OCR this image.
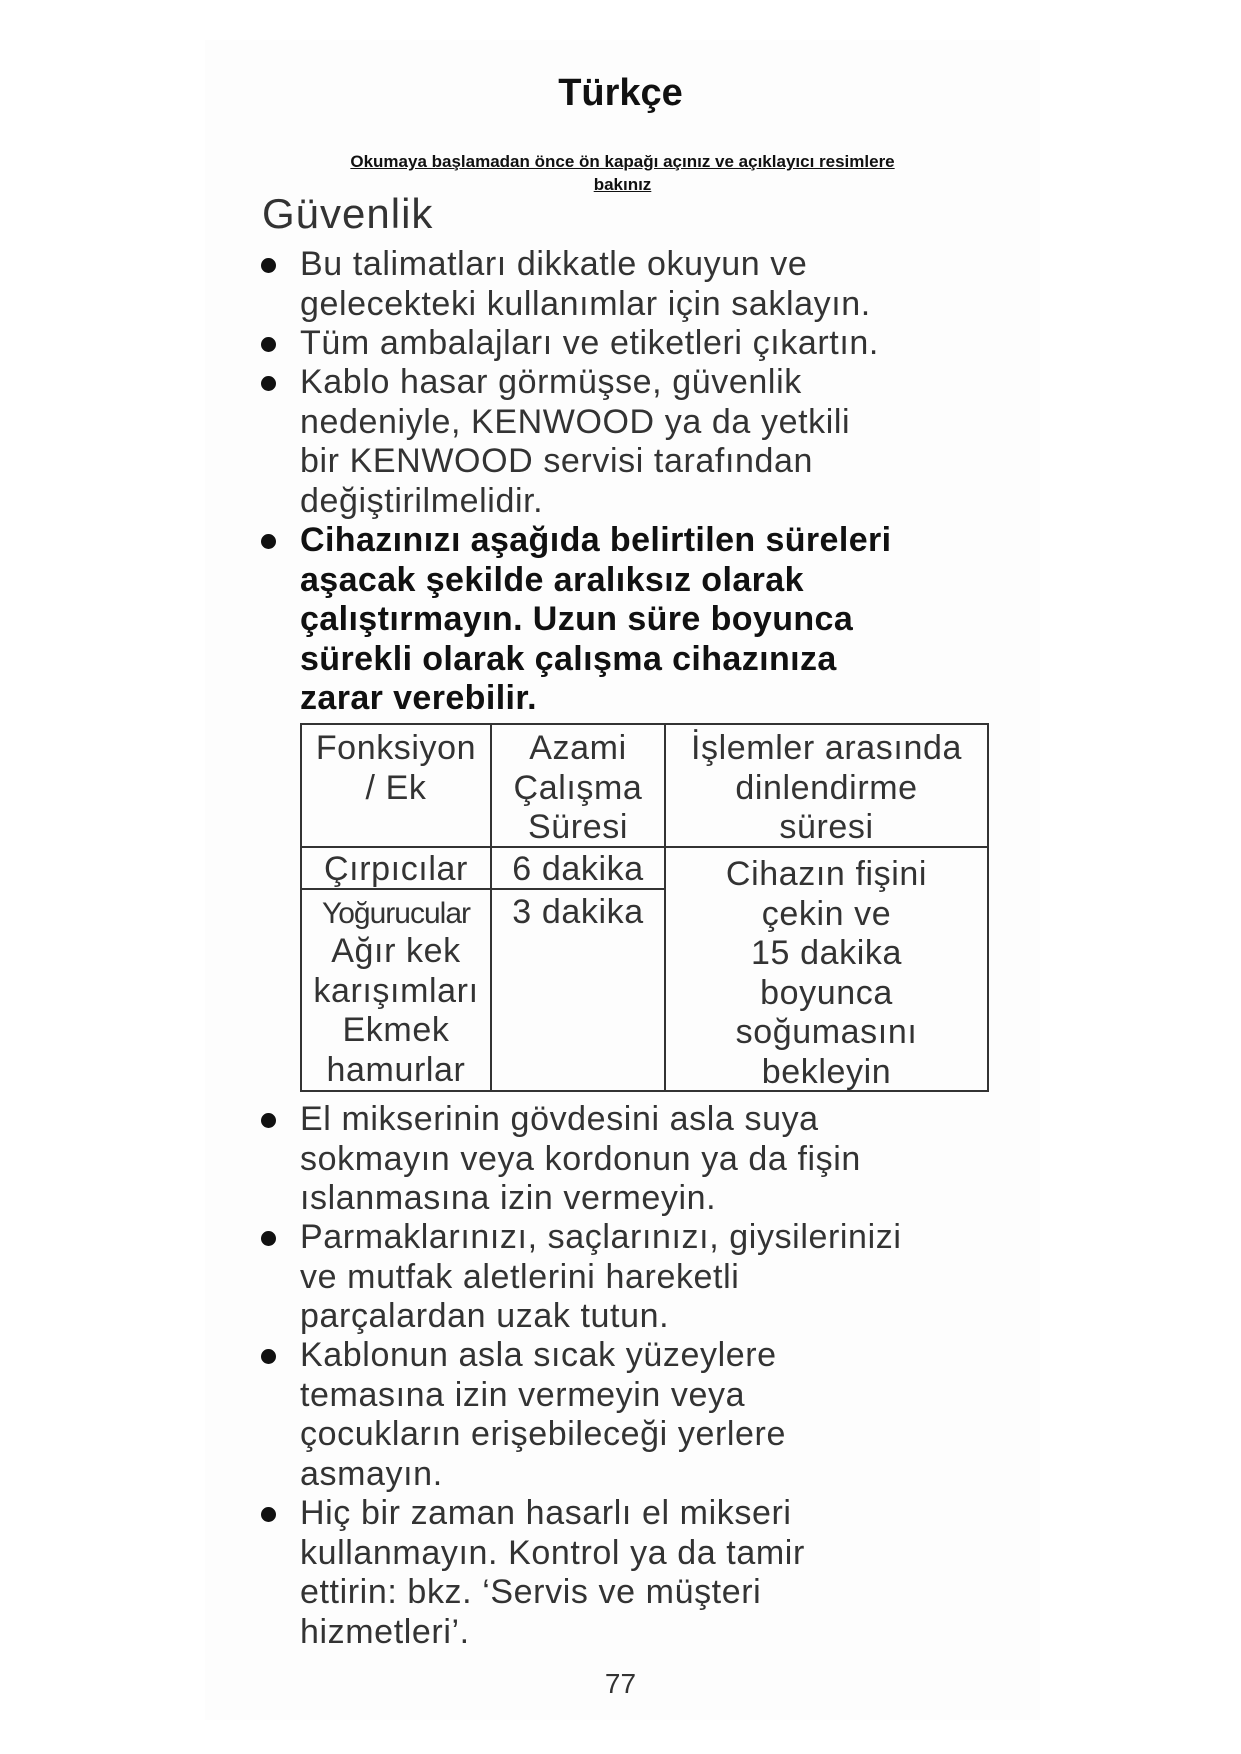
Türkçe
Okumaya başlamadan önce ön kapağı açınız ve açıklayıcı resimlere
bakınız
Güvenlik
Bu talimatları dikkatle okuyun ve
gelecekteki kullanımlar için saklayın.
Tüm ambalajları ve etiketleri çıkartın.
Kablo hasar görmüşse, güvenlik
nedeniyle, KENWOOD ya da yetkili
bir KENWOOD servisi tarafından
değiştirilmelidir.
Cihazınızı aşağıda belirtilen süreleri
aşacak şekilde aralıksız olarak
çalıştırmayın. Uzun süre boyunca
sürekli olarak çalışma cihazınıza
zarar verebilir.
Fonksiyon
/ Ek
Azami
Çalışma
Süresi
İşlemler arasında
dinlendirme
süresi
Çırpıcılar	6 dakika
Yoğurucular
Ağır kek
karışımları
Ekmek
hamurlar
3 dakika
Cihazın fişini
çekin ve
15 dakika
boyunca
soğumasını
bekleyin
El mikserinin gövdesini asla suya
sokmayın veya kordonun ya da fişin
ıslanmasına izin vermeyin.
Parmaklarınızı, saçlarınızı, giysilerinizi
ve mutfak aletlerini hareketli
parçalardan uzak tutun.
Kablonun asla sıcak yüzeylere
temasına izin vermeyin veya
çocukların erişebileceği yerlere
asmayın.
Hiç bir zaman hasarlı el mikseri
kullanmayın. Kontrol ya da tamir
ettirin: bkz. ‘Servis ve müşteri
hizmetleri’.
77
